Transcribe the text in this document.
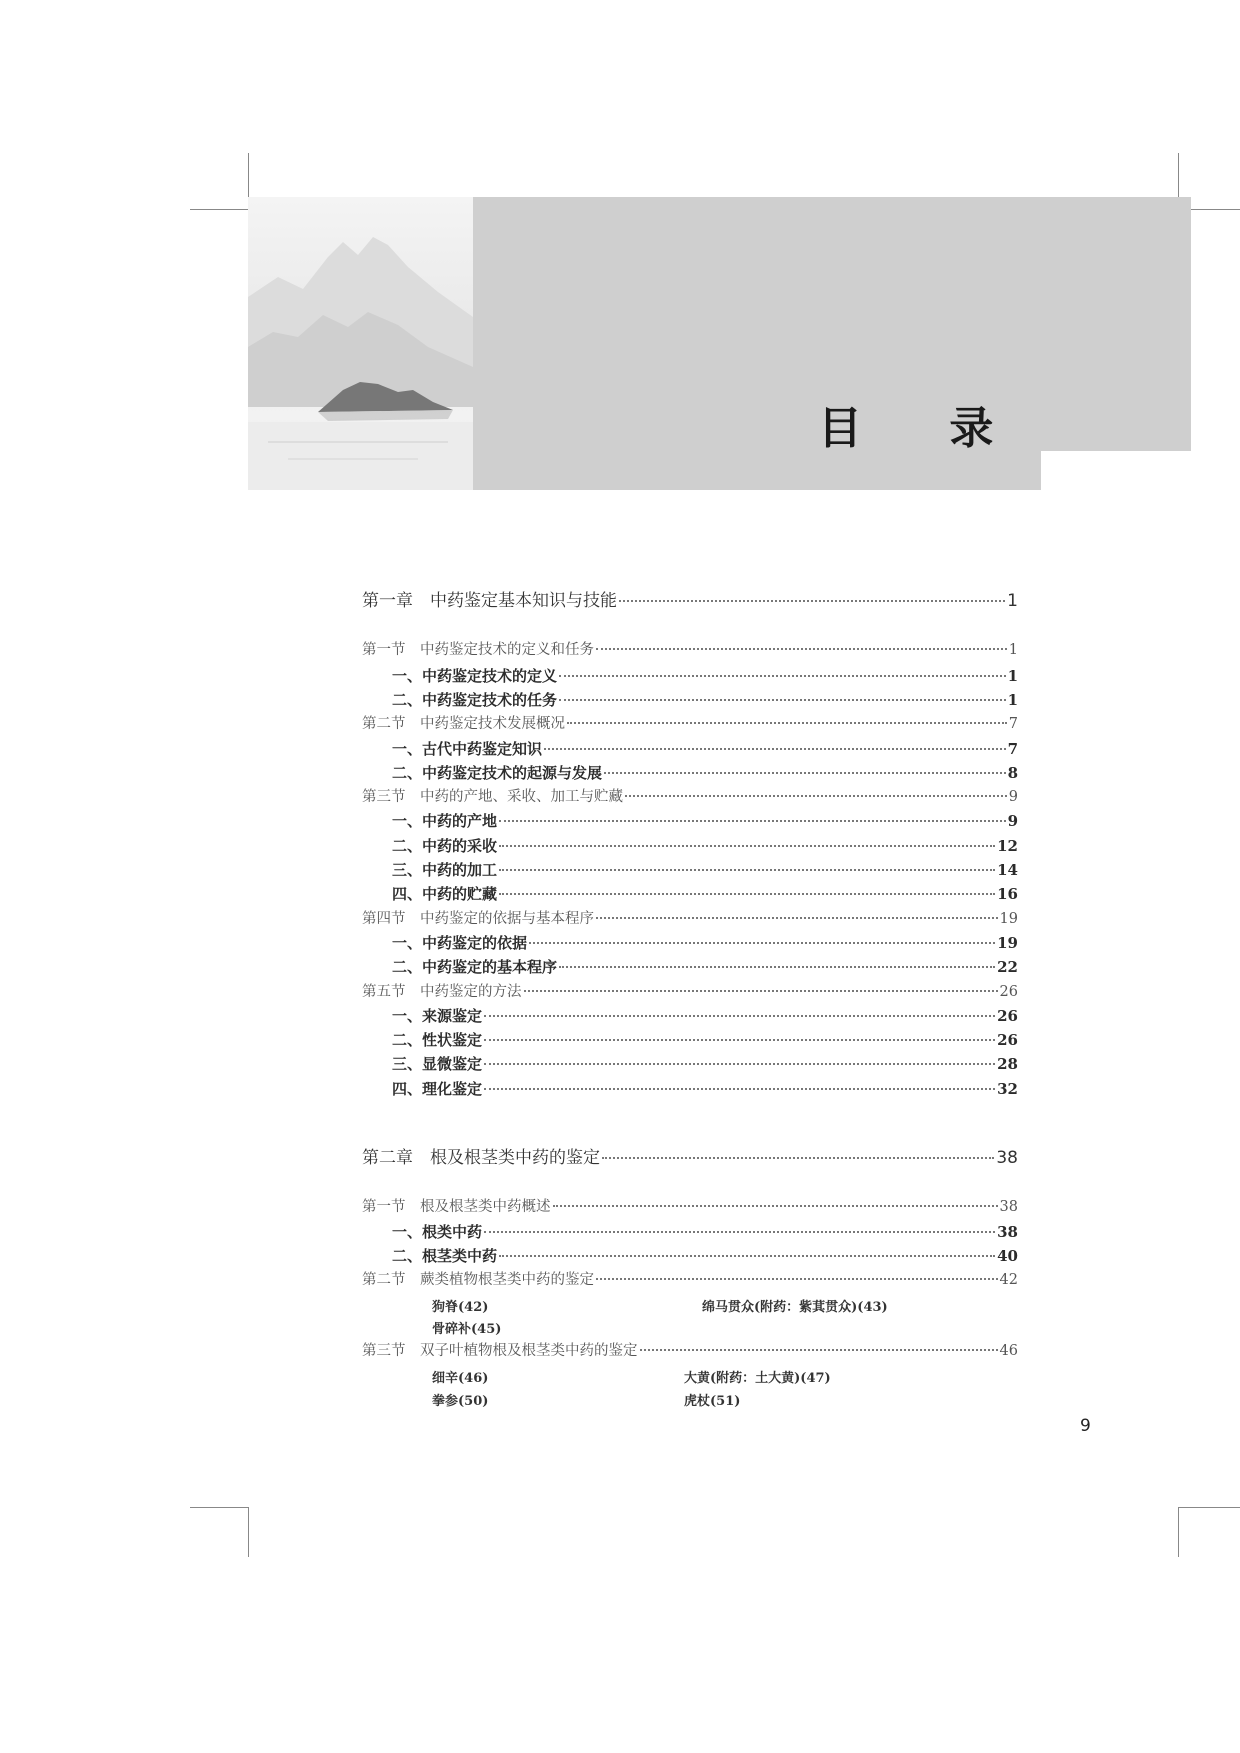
目 录
第一章　中药鉴定基本知识与技能	1
第一节　中药鉴定技术的定义和任务	1
一、中药鉴定技术的定义	1
二、中药鉴定技术的任务	1
第二节　中药鉴定技术发展概况	7
一、古代中药鉴定知识	7
二、中药鉴定技术的起源与发展	8
第三节　中药的产地、采收、加工与贮藏	9
一、中药的产地	9
二、中药的采收	12
三、中药的加工	14
四、中药的贮藏	16
第四节　中药鉴定的依据与基本程序	19
一、中药鉴定的依据	19
二、中药鉴定的基本程序	22
第五节　中药鉴定的方法	26
一、来源鉴定	26
二、性状鉴定	26
三、显微鉴定	28
四、理化鉴定	32
第二章　根及根茎类中药的鉴定	38
第一节　根及根茎类中药概述	38
一、根类中药	38
二、根茎类中药	40
第二节　蕨类植物根茎类中药的鉴定	42
狗脊(42)	绵马贯众(附药：紫萁贯众)(43)
骨碎补(45)
第三节　双子叶植物根及根茎类中药的鉴定	46
细辛(46)	大黄(附药：土大黄)(47)
拳参(50)	虎杖(51)
9
